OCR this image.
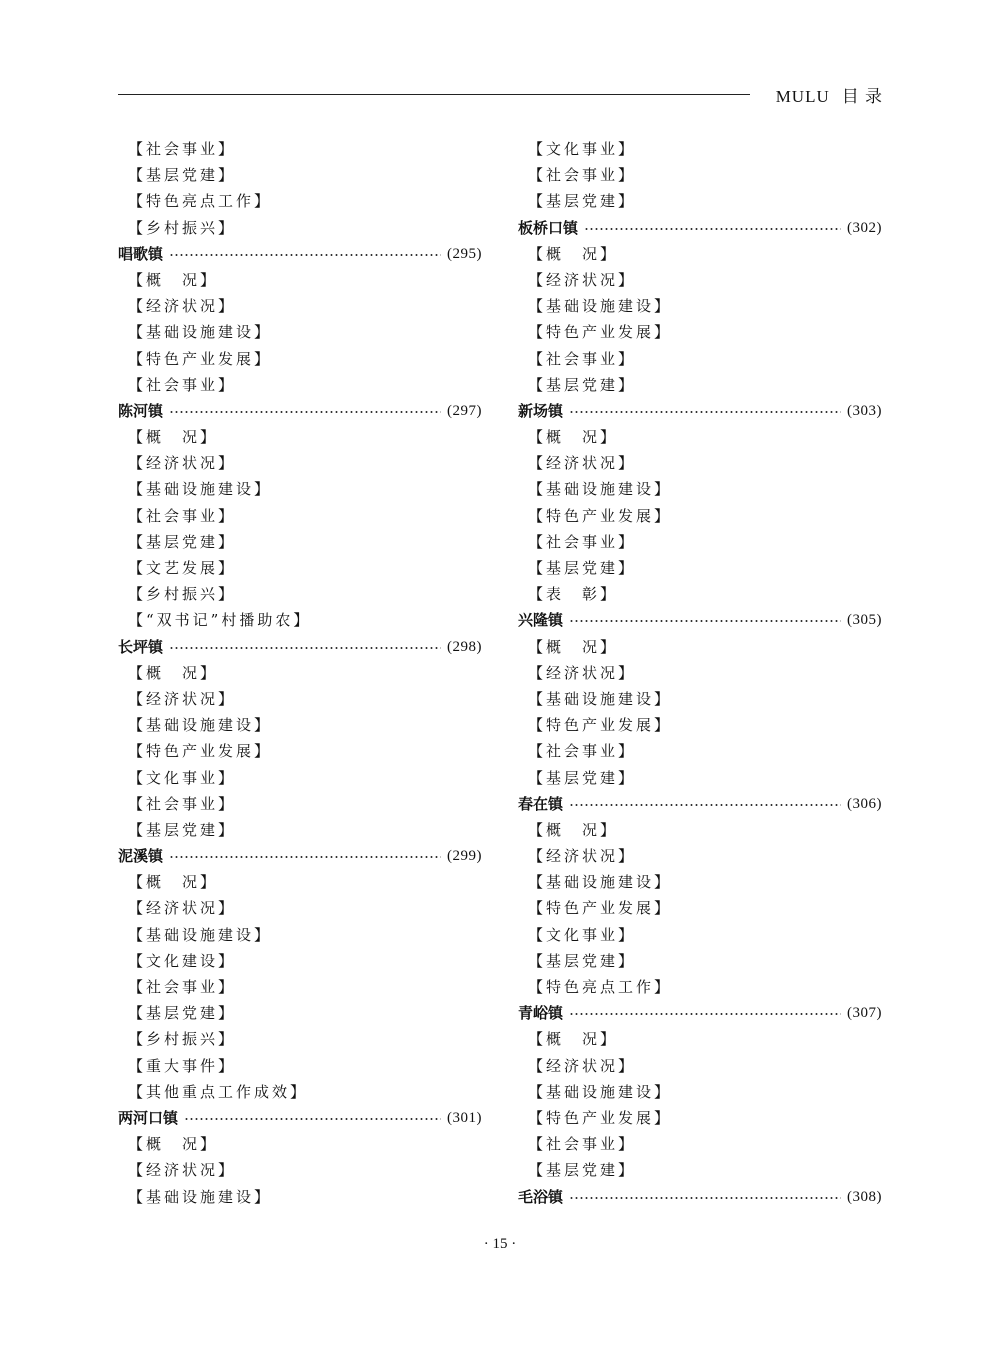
MULU 目 录
【社会事业】
【基层党建】
【特色亮点工作】
【乡村振兴】
唱歌镇	(295)
【概　况】
【经济状况】
【基础设施建设】
【特色产业发展】
【社会事业】
陈河镇	(297)
【概　况】
【经济状况】
【基础设施建设】
【社会事业】
【基层党建】
【文艺发展】
【乡村振兴】
【“双书记”村播助农】
长坪镇	(298)
【概　况】
【经济状况】
【基础设施建设】
【特色产业发展】
【文化事业】
【社会事业】
【基层党建】
泥溪镇	(299)
【概　况】
【经济状况】
【基础设施建设】
【文化建设】
【社会事业】
【基层党建】
【乡村振兴】
【重大事件】
【其他重点工作成效】
两河口镇	(301)
【概　况】
【经济状况】
【基础设施建设】
【文化事业】
【社会事业】
【基层党建】
板桥口镇	(302)
【概　况】
【经济状况】
【基础设施建设】
【特色产业发展】
【社会事业】
【基层党建】
新场镇	(303)
【概　况】
【经济状况】
【基础设施建设】
【特色产业发展】
【社会事业】
【基层党建】
【表　彰】
兴隆镇	(305)
【概　况】
【经济状况】
【基础设施建设】
【特色产业发展】
【社会事业】
【基层党建】
春在镇	(306)
【概　况】
【经济状况】
【基础设施建设】
【特色产业发展】
【文化事业】
【基层党建】
【特色亮点工作】
青峪镇	(307)
【概　况】
【经济状况】
【基础设施建设】
【特色产业发展】
【社会事业】
【基层党建】
毛浴镇	(308)
· 15 ·
